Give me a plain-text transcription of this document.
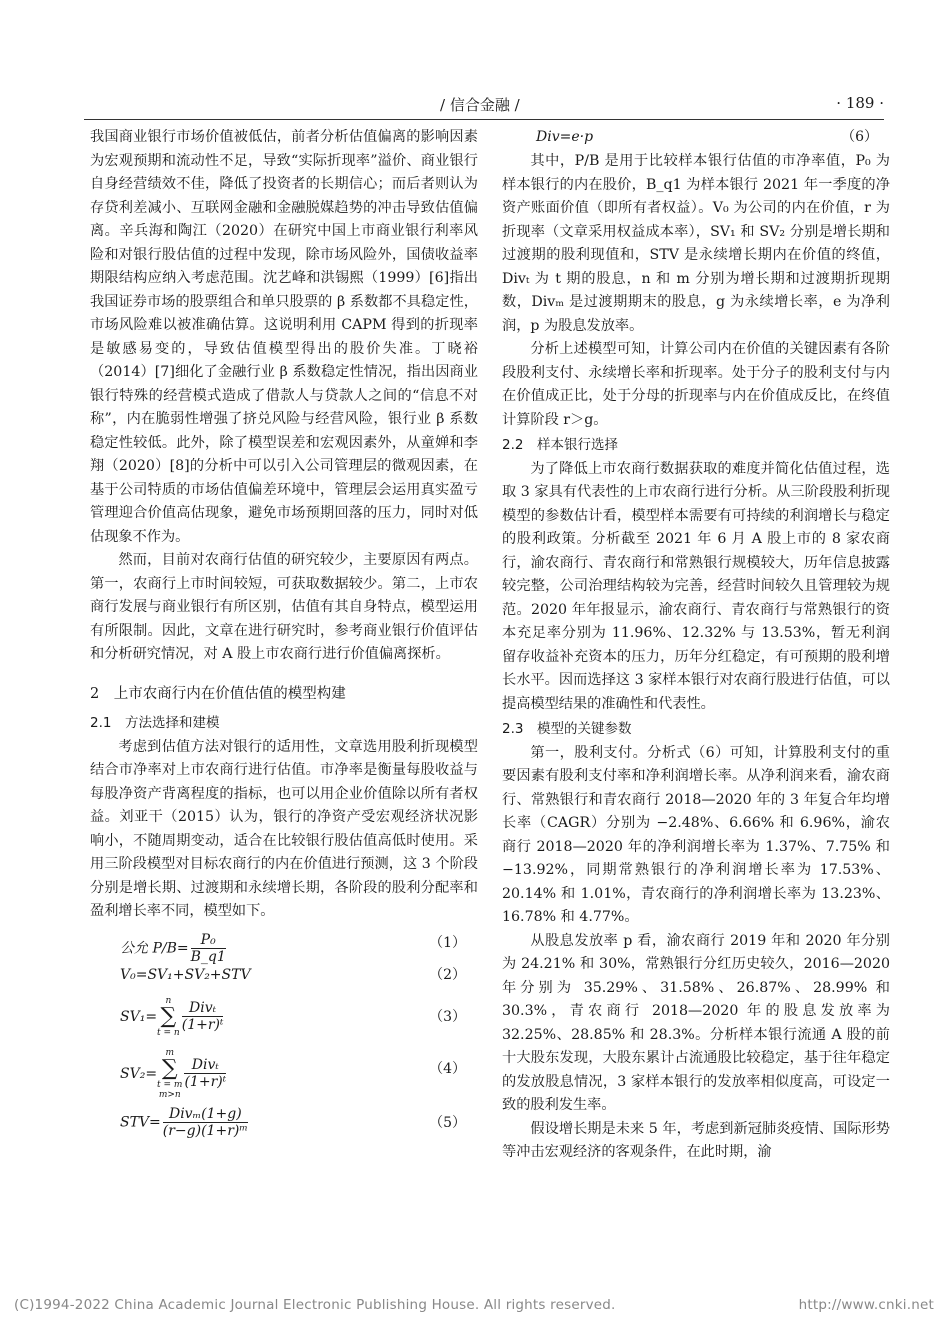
/ 信合金融 /	· 189 ·

我国商业银行市场价值被低估，前者分析估值偏离的影响因素为宏观预期和流动性不足，导致“实际折现率”溢价、商业银行自身经营绩效不佳，降低了投资者的长期信心；而后者则认为存贷利差减小、互联网金融和金融脱媒趋势的冲击导致估值偏离。辛兵海和陶江（2020）在研究中国上市商业银行利率风险和对银行股估值的过程中发现，除市场风险外，国债收益率期限结构应纳入考虑范围。沈艺峰和洪锡熙（1999）[6]指出我国证券市场的股票组合和单只股票的 β 系数都不具稳定性，市场风险难以被准确估算。这说明利用 CAPM 得到的折现率是敏感易变的，导致估值模型得出的股价失准。丁晓裕（2014）[7]细化了金融行业 β 系数稳定性情况，指出因商业银行特殊的经营模式造成了借款人与贷款人之间的“信息不对称”，内在脆弱性增强了挤兑风险与经营风险，银行业 β 系数稳定性较低。此外，除了模型误差和宏观因素外，从童婵和李翔（2020）[8]的分析中可以引入公司管理层的微观因素，在基于公司特质的市场估值偏差环境中，管理层会运用真实盈亏管理迎合价值高估现象，避免市场预期回落的压力，同时对低估现象不作为。

然而，目前对农商行估值的研究较少，主要原因有两点。第一，农商行上市时间较短，可获取数据较少。第二，上市农商行发展与商业银行有所区别，估值有其自身特点，模型运用有所限制。因此，文章在进行研究时，参考商业银行价值评估和分析研究情况，对 A 股上市农商行进行价值偏离探析。

2　上市农商行内在价值估值的模型构建
2.1　方法选择和建模

考虑到估值方法对银行的适用性，文章选用股利折现模型结合市净率对上市农商行进行估值。市净率是衡量每股收益与每股净资产背离程度的指标，也可以用企业价值除以所有者权益。刘亚干（2015）认为，银行的净资产受宏观经济状况影响小，不随周期变动，适合在比较银行股估值高低时使用。采用三阶段模型对目标农商行的内在价值进行预测，这 3 个阶段分别是增长期、过渡期和永续增长期，各阶段的股利分配率和盈利增长率不同，模型如下。

公允 $P/B= \frac{\text{P₀}}{B\_q1}$	（1）
V₀=SV₁+SV₂+STV	（2）
SV₁=
n
∑
t = n $\frac{\text{Divₜ}}{\text{(1+r)ᵗ}}$	（3）
SV₂=
m
∑
t = m
m>n
$\frac{\text{Divₜ}}{\text{(1+r)ᵗ}}$	（4）
$STV= \frac{\text{Divₘ(1+g)}}{\text{(r−g)(1+r)ᵐ}}$	（5）
Div=e·p	（6）

其中，P/B 是用于比较样本银行估值的市净率值，P₀ 为样本银行的内在股价，B_q1 为样本银行 2021 年一季度的净资产账面价值（即所有者权益）。V₀ 为公司的内在价值，r 为折现率（文章采用权益成本率），SV₁ 和 SV₂ 分别是增长期和过渡期的股利现值和，STV 是永续增长期内在价值的终值，Divₜ 为 t 期的股息，n 和 m 分别为增长期和过渡期折现期数，Divₘ 是过渡期期末的股息，g 为永续增长率，e 为净利润，p 为股息发放率。

分析上述模型可知，计算公司内在价值的关键因素有各阶段股利支付、永续增长率和折现率。处于分子的股利支付与内在价值成正比，处于分母的折现率与内在价值成反比，在终值计算阶段 r＞g。

2.2　样本银行选择

为了降低上市农商行数据获取的难度并简化估值过程，选取 3 家具有代表性的上市农商行进行分析。从三阶段股利折现模型的参数估计看，模型样本需要有可持续的利润增长与稳定的股利政策。分析截至 2021 年 6 月 A 股上市的 8 家农商行，渝农商行、青农商行和常熟银行规模较大，历年信息披露较完整，公司治理结构较为完善，经营时间较久且管理较为规范。2020 年年报显示，渝农商行、青农商行与常熟银行的资本充足率分别为 11.96%、12.32% 与 13.53%，暂无利润留存收益补充资本的压力，历年分红稳定，有可预期的股利增长水平。因而选择这 3 家样本银行对农商行股进行估值，可以提高模型结果的准确性和代表性。

2.3　模型的关键参数

第一，股利支付。分析式（6）可知，计算股利支付的重要因素有股利支付率和净利润增长率。从净利润来看，渝农商行、常熟银行和青农商行 2018—2020 年的 3 年复合年均增长率（CAGR）分别为 −2.48%、6.66% 和 6.96%，渝农商行 2018—2020 年的净利润增长率为 1.37%、7.75% 和 −13.92%，同期常熟银行的净利润增长率为 17.53%、20.14% 和 1.01%，青农商行的净利润增长率为 13.23%、16.78% 和 4.77%。

从股息发放率 p 看，渝农商行 2019 年和 2020 年分别为 24.21% 和 30%，常熟银行分红历史较久，2016—2020 年分别为 35.29%、31.58%、26.87%、28.99% 和 30.3%，青农商行 2018—2020 年的股息发放率为 32.25%、28.85% 和 28.3%。分析样本银行流通 A 股的前十大股东发现，大股东累计占流通股比较稳定，基于往年稳定的发放股息情况，3 家样本银行的发放率相似度高，可设定一致的股利发生率。

假设增长期是未来 5 年，考虑到新冠肺炎疫情、国际形势等冲击宏观经济的客观条件，在此时期，渝

(C)1994-2022 China Academic Journal Electronic Publishing House. All rights reserved.	http://www.cnki.net
